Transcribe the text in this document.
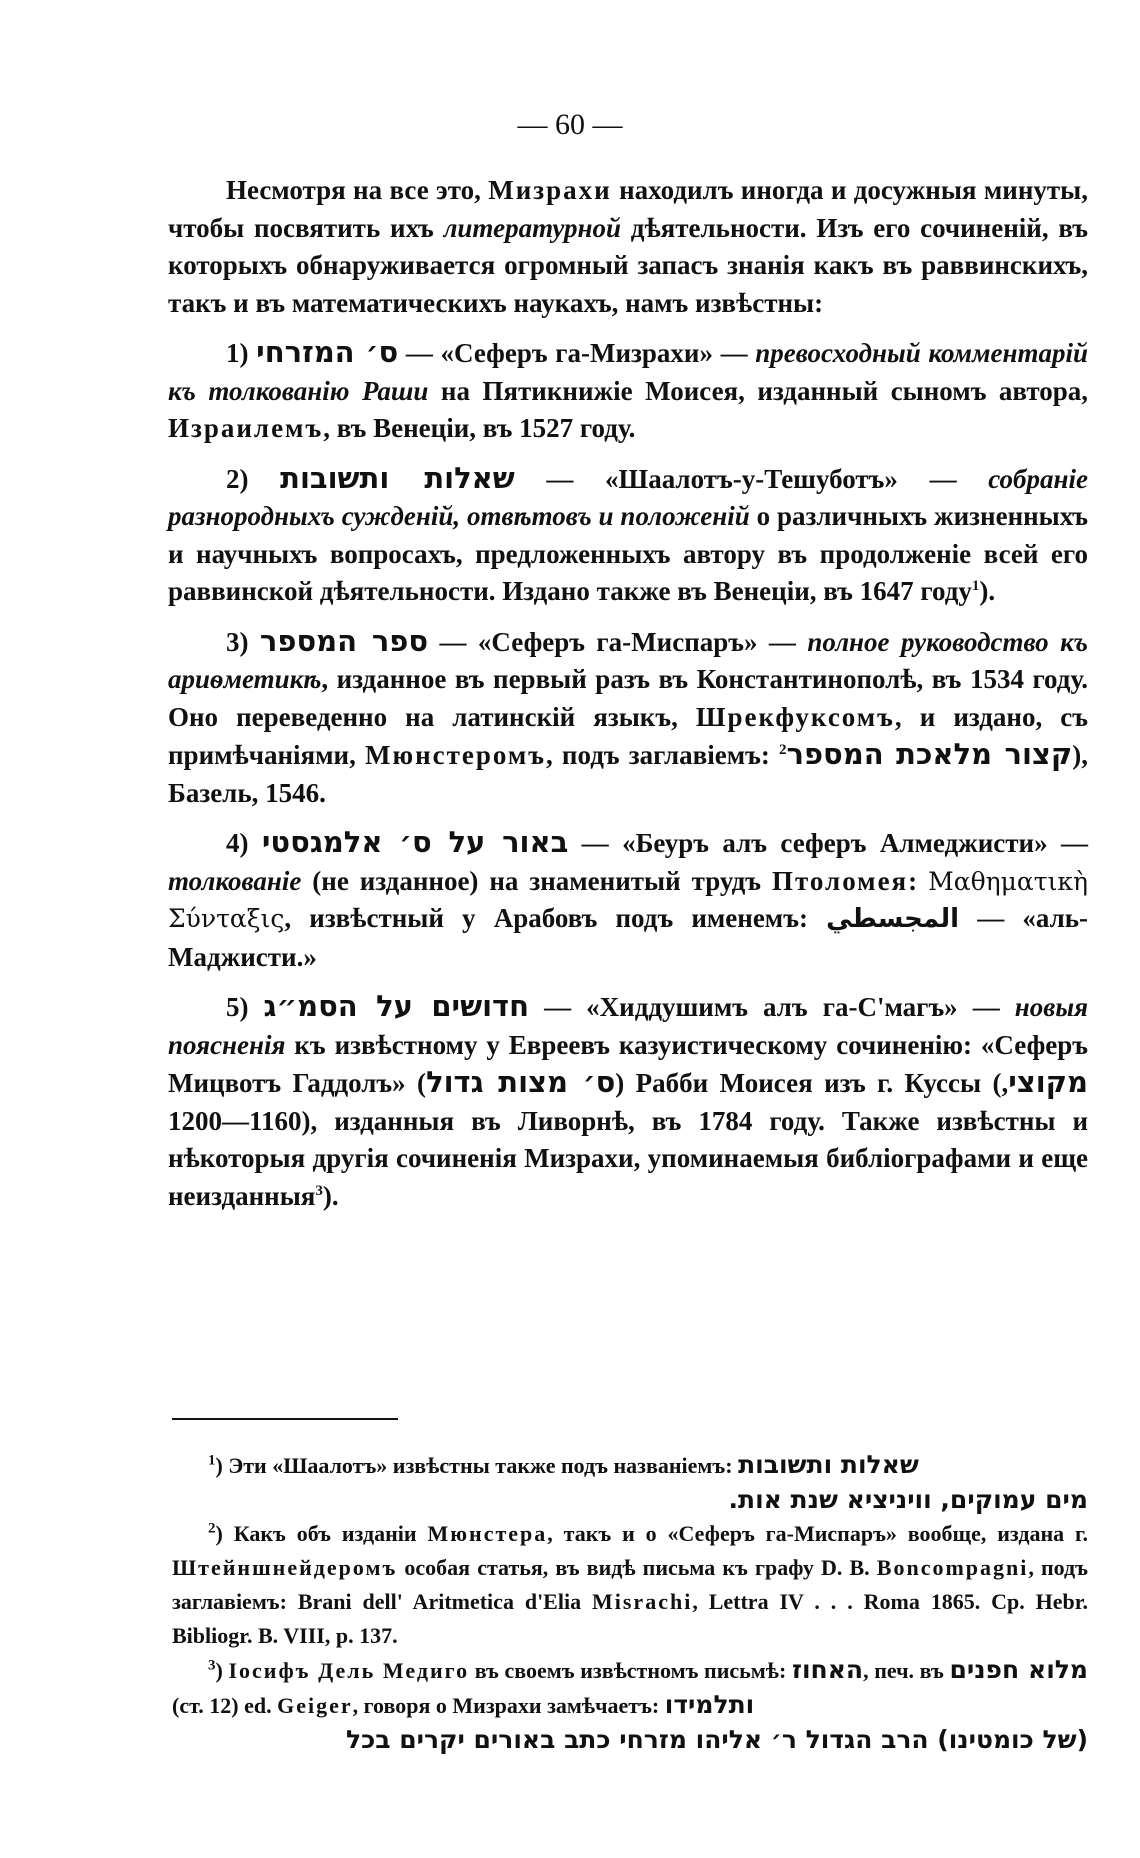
— 60 —

Несмотря на все это, Мизрахи находилъ иногда и досужныя минуты, чтобы посвятить ихъ литературной дѣятельности. Изъ его сочиненій, въ которыхъ обнаруживается огромный запасъ знанія какъ въ раввинскихъ, такъ и въ математическихъ наукахъ, намъ извѣстны:

1) ס׳ המזרחי — «Сеферъ га-Мизрахи» — превосходный комментарій къ толкованію Раши на Пятикнижіе Моисея, изданный сыномъ автора, Израилемъ, въ Венеціи, въ 1527 году.

2) שאלות ותשובות — «Шаалотъ-у-Тешуботъ» — собраніе разнородныхъ сужденій, отвѣтовъ и положеній о различныхъ жизненныхъ и научныхъ вопросахъ, предложенныхъ автору въ продолженіе всей его раввинской дѣятельности. Издано также въ Венеціи, въ 1647 году$^1$).

3) ספר המספר — «Сеферъ га-Миспаръ» — полное руководство къ ариѳметикѣ, изданное въ первый разъ въ Константинополѣ, въ 1534 году. Оно переведенно на латинскій языкъ, Шрекфуксомъ, и издано, съ примѣчаніями, Мюнстеромъ, подъ заглавіемъ: קצור מלאכת המספר$^2$	), Базель, 1546.

4) באור על ס׳ אלמגסטי — «Беуръ алъ сеферъ Алмеджисти» — толкованіе (не изданное) на знаменитый трудъ Птоломея: Μαθηματικὴ Σύνταξις, извѣстный у Арабовъ подъ именемъ: المجسطي — «аль-Маджисти.»

5) חדושים על הסמ״ג — «Хиддушимъ алъ га-С'магъ» — новыя поясненія къ извѣстному у Евреевъ казуистическому сочиненію: «Сеферъ Мицвотъ Гаддолъ» (ס׳ מצות גדול) Рабби Моисея изъ г. Куссы ( מקוצי, 1160—1200), изданныя въ Ливорнѣ, въ 1784 году. Также извѣстны и нѣкоторыя другія сочиненія Мизрахи, упоминаемыя библіографами и еще неизданныя$^3$).

$^1$) Эти «Шаалотъ» извѣстны также подъ названіемъ: שאלות ותשובות

מים עמוקים, וויניציא שנת אות.

$^2$) Какъ объ изданіи Мюнстера, такъ и о «Сеферъ га-Миспаръ» вообще, издана г. Штейншнейдеромъ особая статья, въ видѣ письма къ графу D. B. Boncompagni, подъ заглавіемъ: Brani dell' Aritmetica d'Elia Misrachi, Lettra IV . . . Roma 1865. Cp. Hebr. Bibliogr. B. VIII, p. 137.

$^3$) Іосифъ Дель Медиго въ своемъ извѣстномъ письмѣ: האחוז, печ. въ מלוא חפנים (ст. 12) ed. Geiger, говоря о Мизрахи замѣчаетъ: ותלמידו

(של כומטינו) הרב הגדול ר׳ אליהו מזרחי כתב באורים יקרים בכל
